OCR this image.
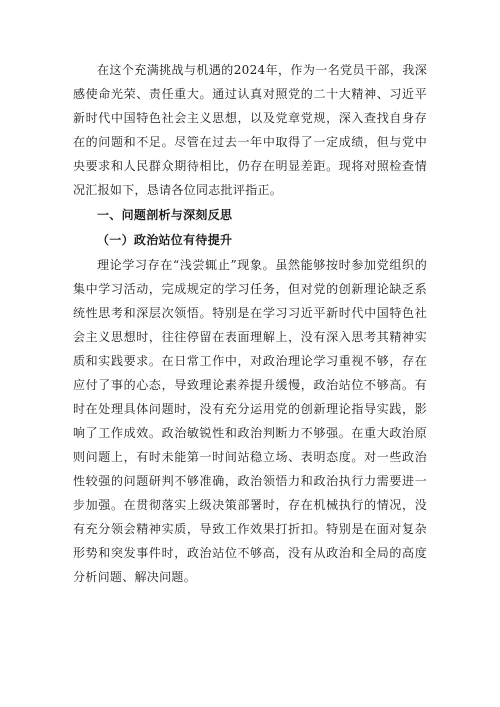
在这个充满挑战与机遇的2024年，作为一名党员干部，我深感使命光荣、责任重大。通过认真对照党的二十大精神、习近平新时代中国特色社会主义思想，以及党章党规，深入查找自身存在的问题和不足。尽管在过去一年中取得了一定成绩，但与党中央要求和人民群众期待相比，仍存在明显差距。现将对照检查情况汇报如下，恳请各位同志批评指正。

一、问题剖析与深刻反思

（一）政治站位有待提升

理论学习存在“浅尝辄止”现象。虽然能够按时参加党组织的集中学习活动，完成规定的学习任务，但对党的创新理论缺乏系统性思考和深层次领悟。特别是在学习习近平新时代中国特色社会主义思想时，往往停留在表面理解上，没有深入思考其精神实质和实践要求。在日常工作中，对政治理论学习重视不够，存在应付了事的心态，导致理论素养提升缓慢，政治站位不够高。有时在处理具体问题时，没有充分运用党的创新理论指导实践，影响了工作成效。政治敏锐性和政治判断力不够强。在重大政治原则问题上，有时未能第一时间站稳立场、表明态度。对一些政治性较强的问题研判不够准确，政治领悟力和政治执行力需要进一步加强。在贯彻落实上级决策部署时，存在机械执行的情况，没有充分领会精神实质，导致工作效果打折扣。特别是在面对复杂形势和突发事件时，政治站位不够高，没有从政治和全局的高度分析问题、解决问题。
